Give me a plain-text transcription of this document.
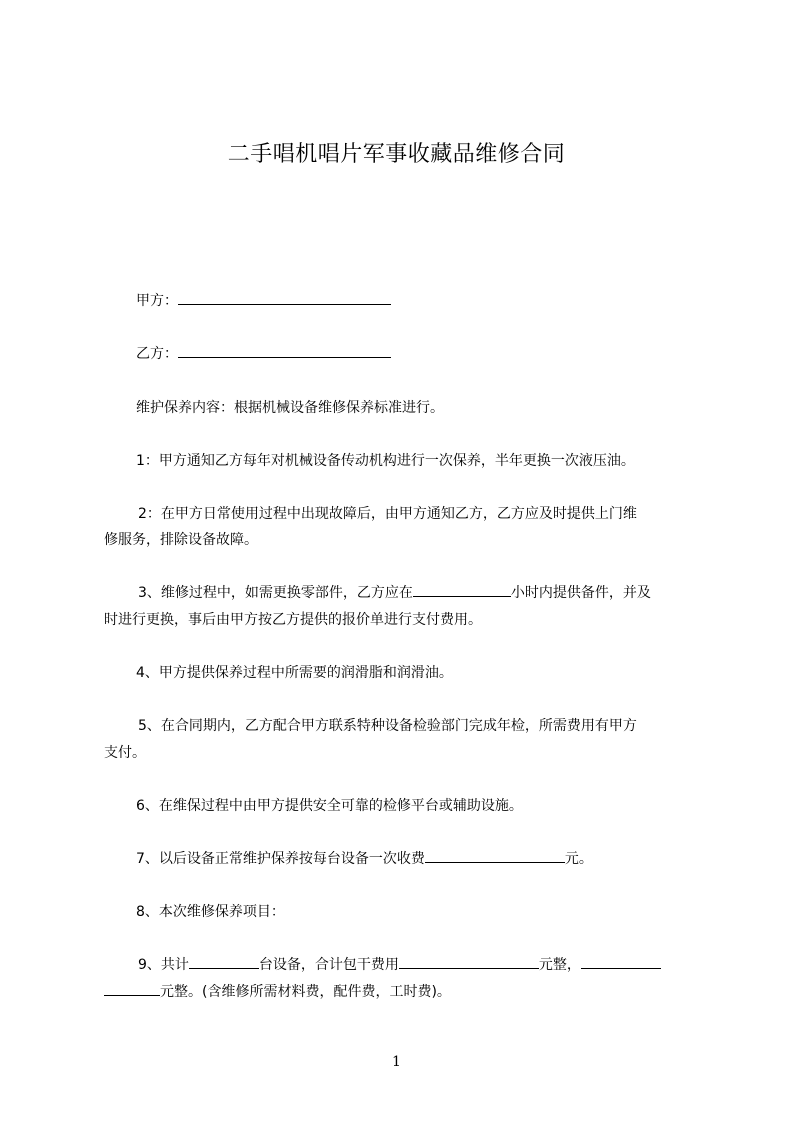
二手唱机唱片军事收藏品维修合同

甲方：

乙方：

维护保养内容：根据机械设备维修保养标准进行。

1：甲方通知乙方每年对机械设备传动机构进行一次保养，半年更换一次液压油。

2：在甲方日常使用过程中出现故障后，由甲方通知乙方，乙方应及时提供上门维

修服务，排除设备故障。

3、维修过程中，如需更换零部件，乙方应在	小时内提供备件，并及

时进行更换，事后由甲方按乙方提供的报价单进行支付费用。

4、甲方提供保养过程中所需要的润滑脂和润滑油。

5、在合同期内，乙方配合甲方联系特种设备检验部门完成年检，所需费用有甲方

支付。

6、在维保过程中由甲方提供安全可靠的检修平台或辅助设施。

7、以后设备正常维护保养按每台设备一次收费	元。

8、本次维修保养项目：

9、共计	台设备，合计包干费用	元整，

元整。(含维修所需材料费，配件费，工时费)。

1
